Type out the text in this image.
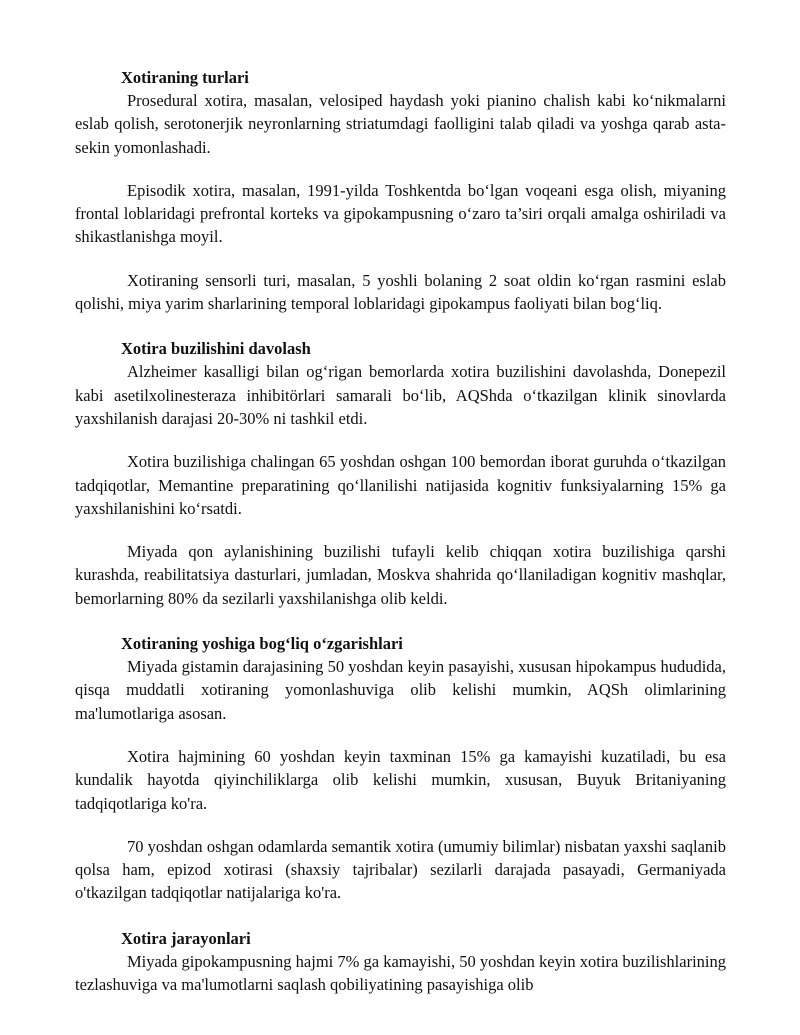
Xotiraning turlari

Prosedural xotira, masalan, velosiped haydash yoki pianino chalish kabi ko‘nikmalarni eslab qolish, serotonerjik neyronlarning striatumdagi faolligini talab qiladi va yoshga qarab asta-sekin yomonlashadi.

Episodik xotira, masalan, 1991-yilda Toshkentda bo‘lgan voqeani esga olish, miyaning frontal loblaridagi prefrontal korteks va gipokampusning o‘zaro ta’siri orqali amalga oshiriladi va shikastlanishga moyil.

Xotiraning sensorli turi, masalan, 5 yoshli bolaning 2 soat oldin ko‘rgan rasmini eslab qolishi, miya yarim sharlarining temporal loblaridagi gipokampus faoliyati bilan bog‘liq.

Xotira buzilishini davolash

Alzheimer kasalligi bilan og‘rigan bemorlarda xotira buzilishini davolashda, Donepezil kabi asetilxolinesteraza inhibitörlari samarali bo‘lib, AQShda o‘tkazilgan klinik sinovlarda yaxshilanish darajasi 20-30% ni tashkil etdi.

Xotira buzilishiga chalingan 65 yoshdan oshgan 100 bemordan iborat guruhda o‘tkazilgan tadqiqotlar, Memantine preparatining qo‘llanilishi natijasida kognitiv funksiyalarning 15% ga yaxshilanishini ko‘rsatdi.

Miyada qon aylanishining buzilishi tufayli kelib chiqqan xotira buzilishiga qarshi kurashda, reabilitatsiya dasturlari, jumladan, Moskva shahrida qo‘llaniladigan kognitiv mashqlar, bemorlarning 80% da sezilarli yaxshilanishga olib keldi.

Xotiraning yoshiga bog‘liq o‘zgarishlari

Miyada gistamin darajasining 50 yoshdan keyin pasayishi, xususan hipokampus hududida, qisqa muddatli xotiraning yomonlashuviga olib kelishi mumkin, AQSh olimlarining ma'lumotlariga asosan.

Xotira hajmining 60 yoshdan keyin taxminan 15% ga kamayishi kuzatiladi, bu esa kundalik hayotda qiyinchiliklarga olib kelishi mumkin, xususan, Buyuk Britaniyaning tadqiqotlariga ko'ra.

70 yoshdan oshgan odamlarda semantik xotira (umumiy bilimlar) nisbatan yaxshi saqlanib qolsa ham, epizod xotirasi (shaxsiy tajribalar) sezilarli darajada pasayadi, Germaniyada o'tkazilgan tadqiqotlar natijalariga ko'ra.

Xotira jarayonlari

Miyada gipokampusning hajmi 7% ga kamayishi, 50 yoshdan keyin xotira buzilishlarining tezlashuviga va ma'lumotlarni saqlash qobiliyatining pasayishiga olib
